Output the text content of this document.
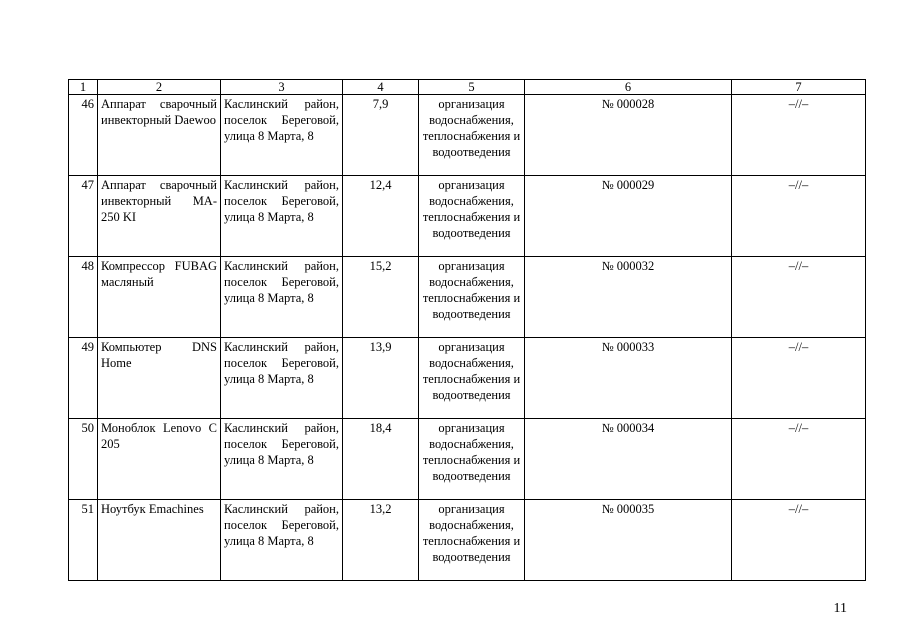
1	2	3	4	5	6	7
46	Аппарат сварочный инвекторный Daewoo	Каслинский район, поселок Береговой, улица 8 Марта, 8	7,9	организация водоснабжения, теплоснабжения и водоотведения	№ 000028	–//–
47	Аппарат сварочный инвекторный MA-250 KI	Каслинский район, поселок Береговой, улица 8 Марта, 8	12,4	организация водоснабжения, теплоснабжения и водоотведения	№ 000029	–//–
48	Компрессор FUBAG масляный	Каслинский район, поселок Береговой, улица 8 Марта, 8	15,2	организация водоснабжения, теплоснабжения и водоотведения	№ 000032	–//–
49	Компьютер DNS Home	Каслинский район, поселок Береговой, улица 8 Марта, 8	13,9	организация водоснабжения, теплоснабжения и водоотведения	№ 000033	–//–
50	Моноблок Lenovo C 205	Каслинский район, поселок Береговой, улица 8 Марта, 8	18,4	организация водоснабжения, теплоснабжения и водоотведения	№ 000034	–//–
51	Ноутбук Emachines	Каслинский район, поселок Береговой, улица 8 Марта, 8	13,2	организация водоснабжения, теплоснабжения и водоотведения	№ 000035	–//–
11
